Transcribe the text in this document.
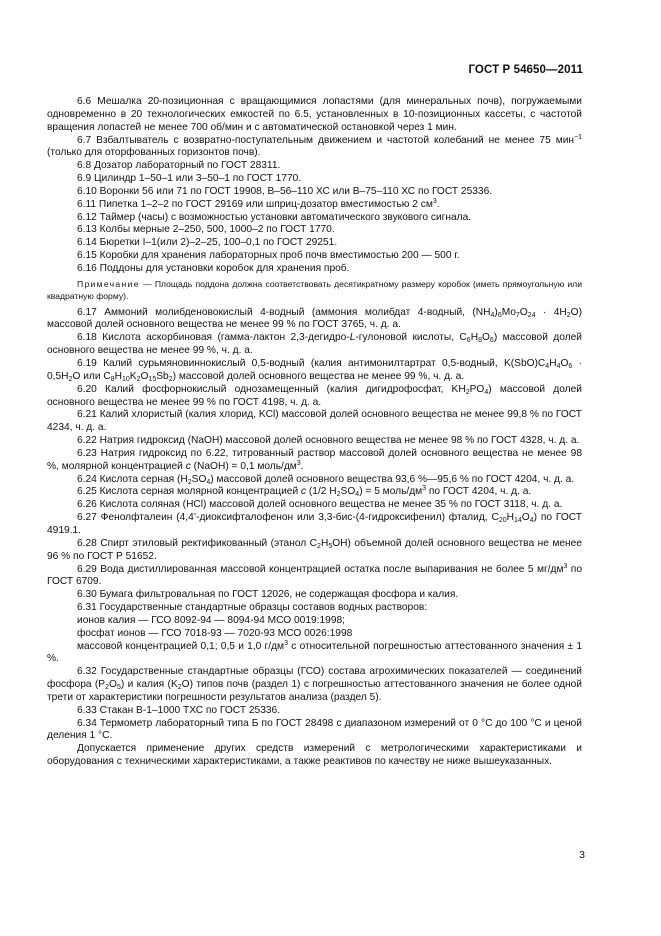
ГОСТ Р 54650—2011

6.6 Мешалка 20-позиционная с вращающимися лопастями (для минеральных почв), погружаемыми одновременно в 20 технологических емкостей по 6.5, установленных в 10-позиционных кассеты, с частотой вращения лопастей не менее 700 об/мин и с автоматической остановкой через 1 мин.

6.7 Взбалтыватель с возвратно-поступательным движением и частотой колебаний не менее 75 мин$^{-1}$ (только для оторфованных горизонтов почв).

6.8 Дозатор лабораторный по ГОСТ 28311.

6.9 Цилиндр 1–50–1 или 3–50–1 по ГОСТ 1770.

6.10 Воронки 56 или 71 по ГОСТ 19908, В–56–110 ХС или В–75–110 ХС по ГОСТ 25336.

6.11 Пипетка 1–2–2 по ГОСТ 29169 или шприц-дозатор вместимостью 2 $см^3$.

6.12 Таймер (часы) с возможностью установки автоматического звукового сигнала.

6.13 Колбы мерные 2–250, 500, 1000–2 по ГОСТ 1770.

6.14 Бюретки I–1(или 2)–2–25, 100–0,1 по ГОСТ 29251.

6.15 Коробки для хранения лабораторных проб почв вместимостью 200 — 500 г.

6.16 Поддоны для установки коробок для хранения проб.

Примечание — Площадь поддона должна соответствовать десятикратному размеру коробок (иметь прямоугольную или квадратную форму).

6.17 Аммоний молибденовокислый 4-водный (аммония молибдат 4-водный, $(NH_4)_6Mo_7O_{24} \cdot 4H_2O$) массовой долей основного вещества не менее 99 % по ГОСТ 3765, ч. д. а.

6.18 Кислота аскорбиновая (гамма-лактон 2,3-дегидро-L-гулоновой кислоты, $C_6H_8O_6$) массовой долей основного вещества не менее 99 %, ч. д. а.

6.19 Калий сурьмяновиннокислый 0,5-водный (калия антимонилтартрат 0,5-водный, $K(SbO)C_4H_4O_6 \cdot 0,5H_2O$ или $C_8H_{10}K_2O_{15}Sb_2$) массовой долей основного вещества не менее 99 %, ч. д. а.

6.20 Калий фосфорнокислый однозамещенный (калия дигидрофосфат, $KH_2PO_4$) массовой долей основного вещества не менее 99 % по ГОСТ 4198, ч. д. а.

6.21 Калий хлористый (калия хлорид, KCl) массовой долей основного вещества не менее 99,8 % по ГОСТ 4234, ч. д. а.

6.22 Натрия гидроксид (NaOH) массовой долей основного вещества не менее 98 % по ГОСТ 4328, ч. д. а.

6.23 Натрия гидроксид по 6.22, титрованный раствор массовой долей основного вещества не менее 98 %, молярной концентрацией c (NaOH) = 0,1 моль/$дм^3$.

6.24 Кислота серная $(H_2SO_4)$ массовой долей основного вещества 93,6 %—95,6 % по ГОСТ 4204, ч. д. а.

6.25 Кислота серная молярной концентрацией c (1/2 $H_2SO_4) = 5$ моль/$дм^3$ по ГОСТ 4204, ч. д. а.

6.26 Кислота соляная (HCl) массовой долей основного вещества не менее 35 % по ГОСТ 3118, ч. д. а.

6.27 Фенолфталеин (4,4’-диоксифталофенон или 3,3-бис-(4-гидроксифенил) фталид, $C_{20}H_{14}O_4$) по ГОСТ 4919.1.

6.28 Спирт этиловый ректификованный (этанол $C_2H_5OH$) объемной долей основного вещества не менее 96 % по ГОСТ Р 51652.

6.29 Вода дистиллированная массовой концентрацией остатка после выпаривания не более 5 $мг/дм^3$ по ГОСТ 6709.

6.30 Бумага фильтровальная по ГОСТ 12026, не содержащая фосфора и калия.

6.31 Государственные стандартные образцы составов водных растворов:

ионов калия — ГСО 8092-94 — 8094-94 МСО 0019:1998;

фосфат ионов — ГСО 7018-93 — 7020-93 МСО 0026:1998

массовой концентрацией 0,1; 0,5 и 1,0 $г/дм^3$ с относительной погрешностью аттестованного значения ± 1 %.

6.32 Государственные стандартные образцы (ГСО) состава агрохимических показателей — соединений фосфора $(P_2O_5)$ и калия $(K_2O)$ типов почв (раздел 1) с погрешностью аттестованного значения не более одной трети от характеристики погрешности результатов анализа (раздел 5).

6.33 Стакан В-1–1000 ТХС по ГОСТ 25336.

6.34 Термометр лабораторный типа Б по ГОСТ 28498 с диапазоном измерений от 0 °С до 100 °С и ценой деления 1 °С.

Допускается применение других средств измерений с метрологическими характеристиками и оборудования с техническими характеристиками, а также реактивов по качеству не ниже вышеуказанных.

3
